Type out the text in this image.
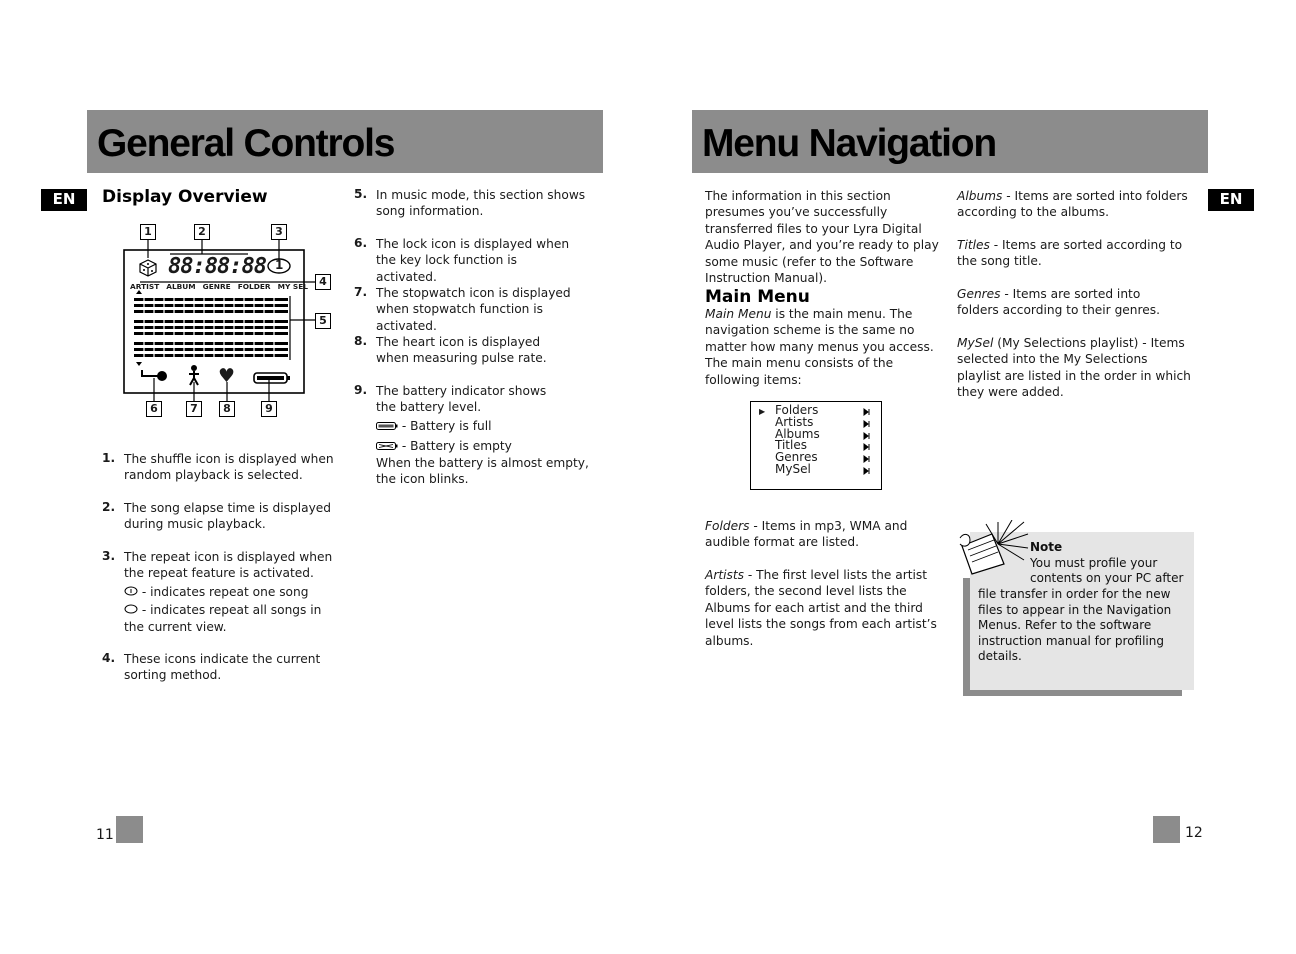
General Controls
EN	Display Overview
88:88:88 1
ARTIST ALBUM GENRE FOLDER MY SEL
♥
1	2	3
4
5
6	7	8	9
1. The shuffle icon is displayed when random playback is selected.
2. The song elapse time is displayed during music playback.
3. The repeat icon is displayed when the repeat feature is activated.
- indicates repeat one song
- indicates repeat all songs in the current view.
4. These icons indicate the current sorting method.
5. In music mode, this section shows song information.
6. The lock icon is displayed when the key lock function is activated.
7. The stopwatch icon is displayed when stopwatch function is activated.
8. The heart icon is displayed when measuring pulse rate.
9. The battery indicator shows the battery level.
- Battery is full
- Battery is empty
When the battery is almost empty, the icon blinks.
11
Menu Navigation
EN
The information in this section presumes you’ve successfully transferred files to your Lyra Digital Audio Player, and you’re ready to play some music (refer to the Software Instruction Manual).
Main Menu
Main Menu is the main menu. The navigation scheme is the same no matter how many menus you access.
The main menu consists of the following items:
▶ Folders
Artists
Albums
Titles
Genres
MySel
Folders - Items in mp3, WMA and audible format are listed.
Artists - The first level lists the artist folders, the second level lists the Albums for each artist and the third level lists the songs from each artist’s albums.
Albums - Items are sorted into folders according to the albums.
Titles - Items are sorted according to the song title.
Genres - Items are sorted into folders according to their genres.
MySel (My Selections playlist) - Items selected into the My Selections playlist are listed in the order in which they were added.
Note
You must profile your
contents on your PC after
file transfer in order for the new files to appear in the Navigation Menus. Refer to the software instruction manual for profiling details.
12
